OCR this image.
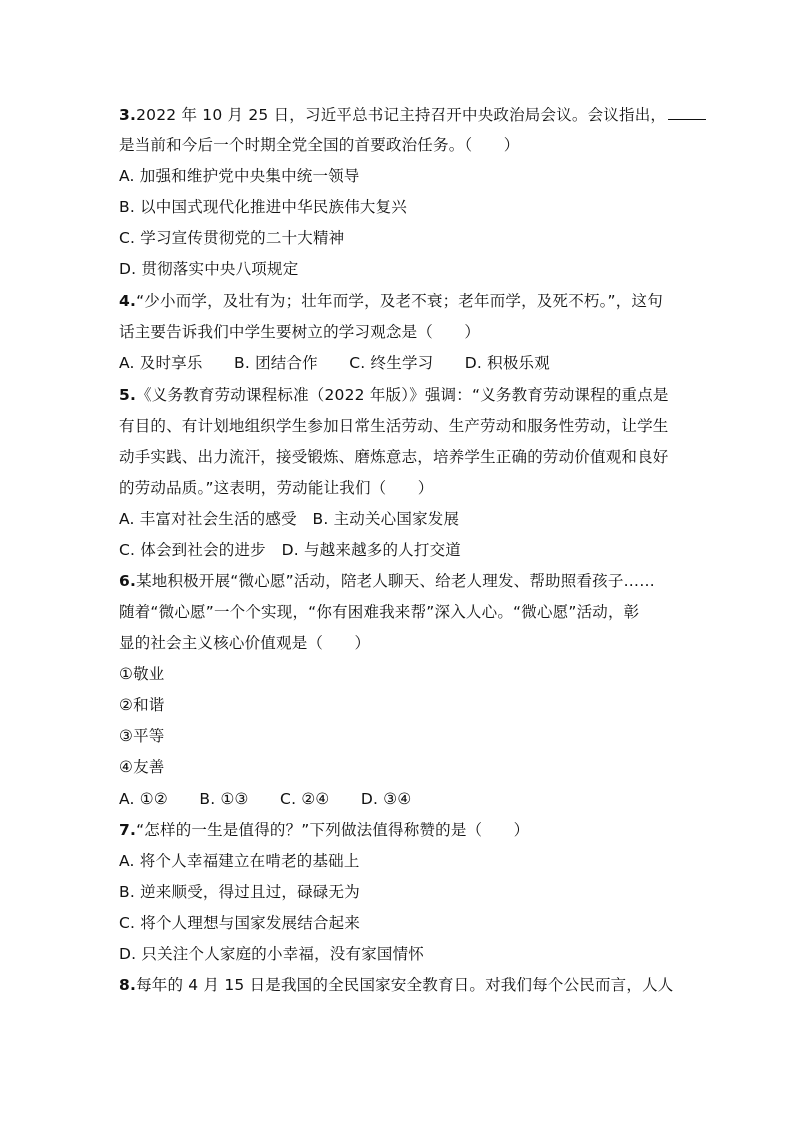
3.2022 年 10 月 25 日，习近平总书记主持召开中央政治局会议。会议指出，
是当前和今后一个时期全党全国的首要政治任务。（　　）
A. 加强和维护党中央集中统一领导
B. 以中国式现代化推进中华民族伟大复兴
C. 学习宣传贯彻党的二十大精神
D. 贯彻落实中央八项规定
4.“少小而学，及壮有为；壮年而学，及老不衰；老年而学，及死不朽。”，这句
话主要告诉我们中学生要树立的学习观念是（　　）
A. 及时享乐　　B. 团结合作　　C. 终生学习　　D. 积极乐观
5.《义务教育劳动课程标准（2022 年版）》强调：“义务教育劳动课程的重点是
有目的、有计划地组织学生参加日常生活劳动、生产劳动和服务性劳动，让学生
动手实践、出力流汗，接受锻炼、磨炼意志，培养学生正确的劳动价值观和良好
的劳动品质。”这表明，劳动能让我们（　　）
A. 丰富对社会生活的感受　B. 主动关心国家发展
C. 体会到社会的进步　D. 与越来越多的人打交道
6.某地积极开展“微心愿”活动，陪老人聊天、给老人理发、帮助照看孩子……
随着“微心愿”一个个实现，“你有困难我来帮”深入人心。“微心愿”活动，彰
显的社会主义核心价值观是（　　）
①敬业
②和谐
③平等
④友善
A. ①②　　B. ①③　　C. ②④　　D. ③④
7.“怎样的一生是值得的？”下列做法值得称赞的是（　　）
A. 将个人幸福建立在啃老的基础上
B. 逆来顺受，得过且过，碌碌无为
C. 将个人理想与国家发展结合起来
D. 只关注个人家庭的小幸福，没有家国情怀
8.每年的 4 月 15 日是我国的全民国家安全教育日。对我们每个公民而言，人人
